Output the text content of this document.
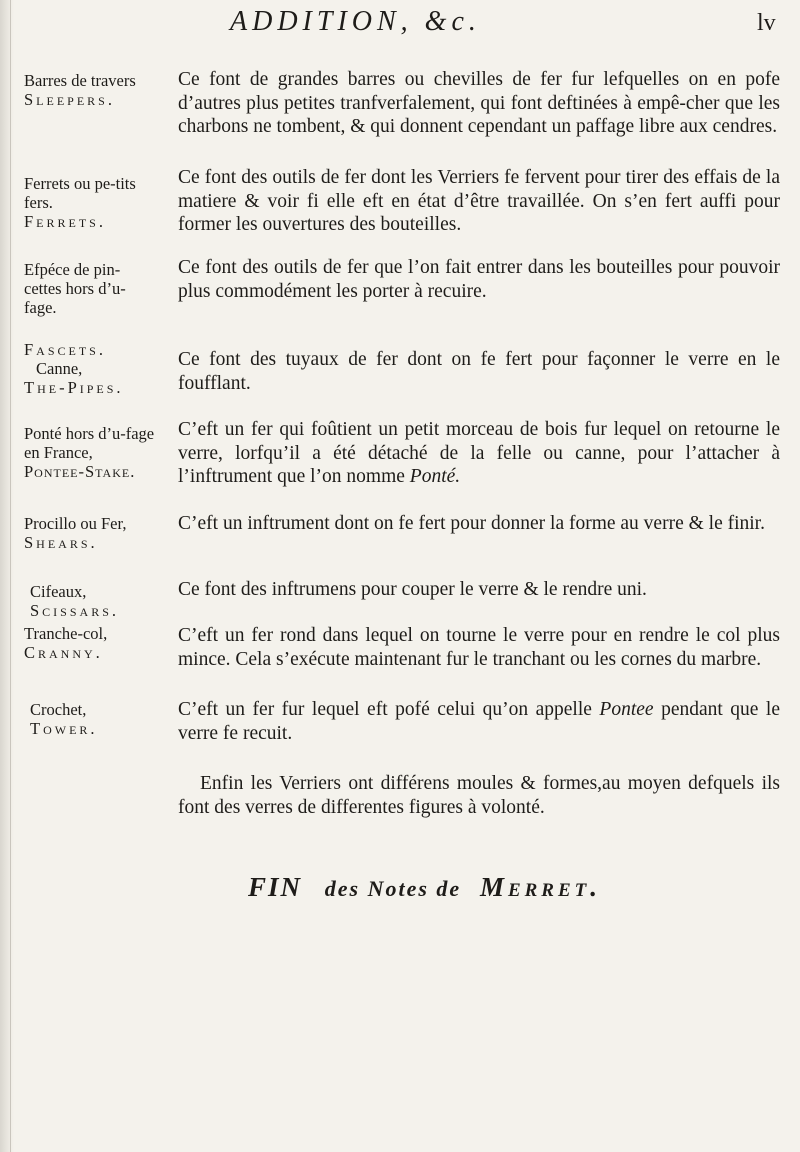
ADDITION, &c.	lv
Barres de travers
Sleepers.
Ce font de grandes barres ou chevilles de fer fur lefquelles on en pofe d’autres plus petites tranfverfalement, qui font deftinées à empê-cher que les charbons ne tombent, & qui donnent cependant un paffage libre aux cendres.
Ferrets ou pe-tits fers.
Ferrets.
Ce font des outils de fer dont les Verriers fe fervent pour tirer des effais de la matiere & voir fi elle eft en état d’être travaillée. On s’en fert auffi pour former les ouvertures des bouteilles.
Efpéce de pin-cettes hors d’u-fage.
Ce font des outils de fer que l’on fait entrer dans les bouteilles pour pouvoir plus commodément les porter à recuire.
Fascets.
Canne,
The-Pipes.
Ce font des tuyaux de fer dont on fe fert pour façonner le verre en le foufflant.
Ponté hors d’u-fage en France,
Pontee-Stake.
C’eft un fer qui foûtient un petit morceau de bois fur lequel on retourne le verre, lorfqu’il a été détaché de la felle ou canne, pour l’attacher à l’inftrument que l’on nomme Ponté.
Procillo ou Fer,
Shears.
C’eft un inftrument dont on fe fert pour donner la forme au verre & le finir.
Cifeaux,
Scissars.
Ce font des inftrumens pour couper le verre & le rendre uni.
Tranche-col,
Cranny.
C’eft un fer rond dans lequel on tourne le verre pour en rendre le col plus mince. Cela s’exécute maintenant fur le tranchant ou les cornes du marbre.
Crochet,
Tower.
C’eft un fer fur lequel eft pofé celui qu’on appelle Pontee pendant que le verre fe recuit.
Enfin les Verriers ont différens moules & formes,au moyen defquels ils font des verres de differentes figures à volonté.
FIN des Notes de Merret.
